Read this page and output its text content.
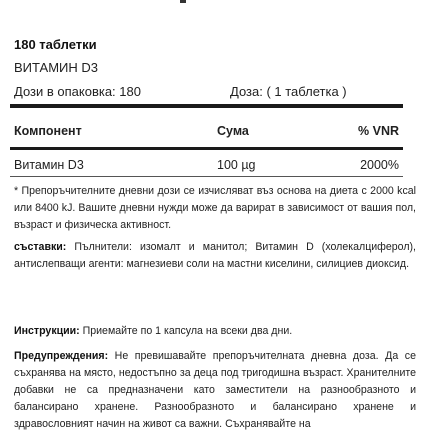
180 таблетки
ВИТАМИН D3
Дози в опаковка: 180	Доза: ( 1 таблетка )
Компонент	Сума	% VNR
Витамин D3	100 µg	2000%
* Препоръчителните дневни дози се изчисляват въз основа на диета с 2000 kcal или 8400 kJ. Вашите дневни нужди може да варират в зависимост от вашия пол, възраст и физическа активност.
съставки: Пълнители: изомалт и манитол; Витамин D (холекалциферол), антислепващи агенти: магнезиеви соли на мастни киселини, силициев диоксид.
Инструкции: Приемайте по 1 капсула на всеки два дни.
Предупреждения: Не превишавайте препоръчителната дневна доза. Да се съхранява на място, недостъпно за деца под тригодишна възраст. Хранителните добавки не са предназначени като заместители на разнообразното и балансирано хранене. Разнообразното и балансирано хранене и здравословният начин на живот са важни. Съхранявайте на
